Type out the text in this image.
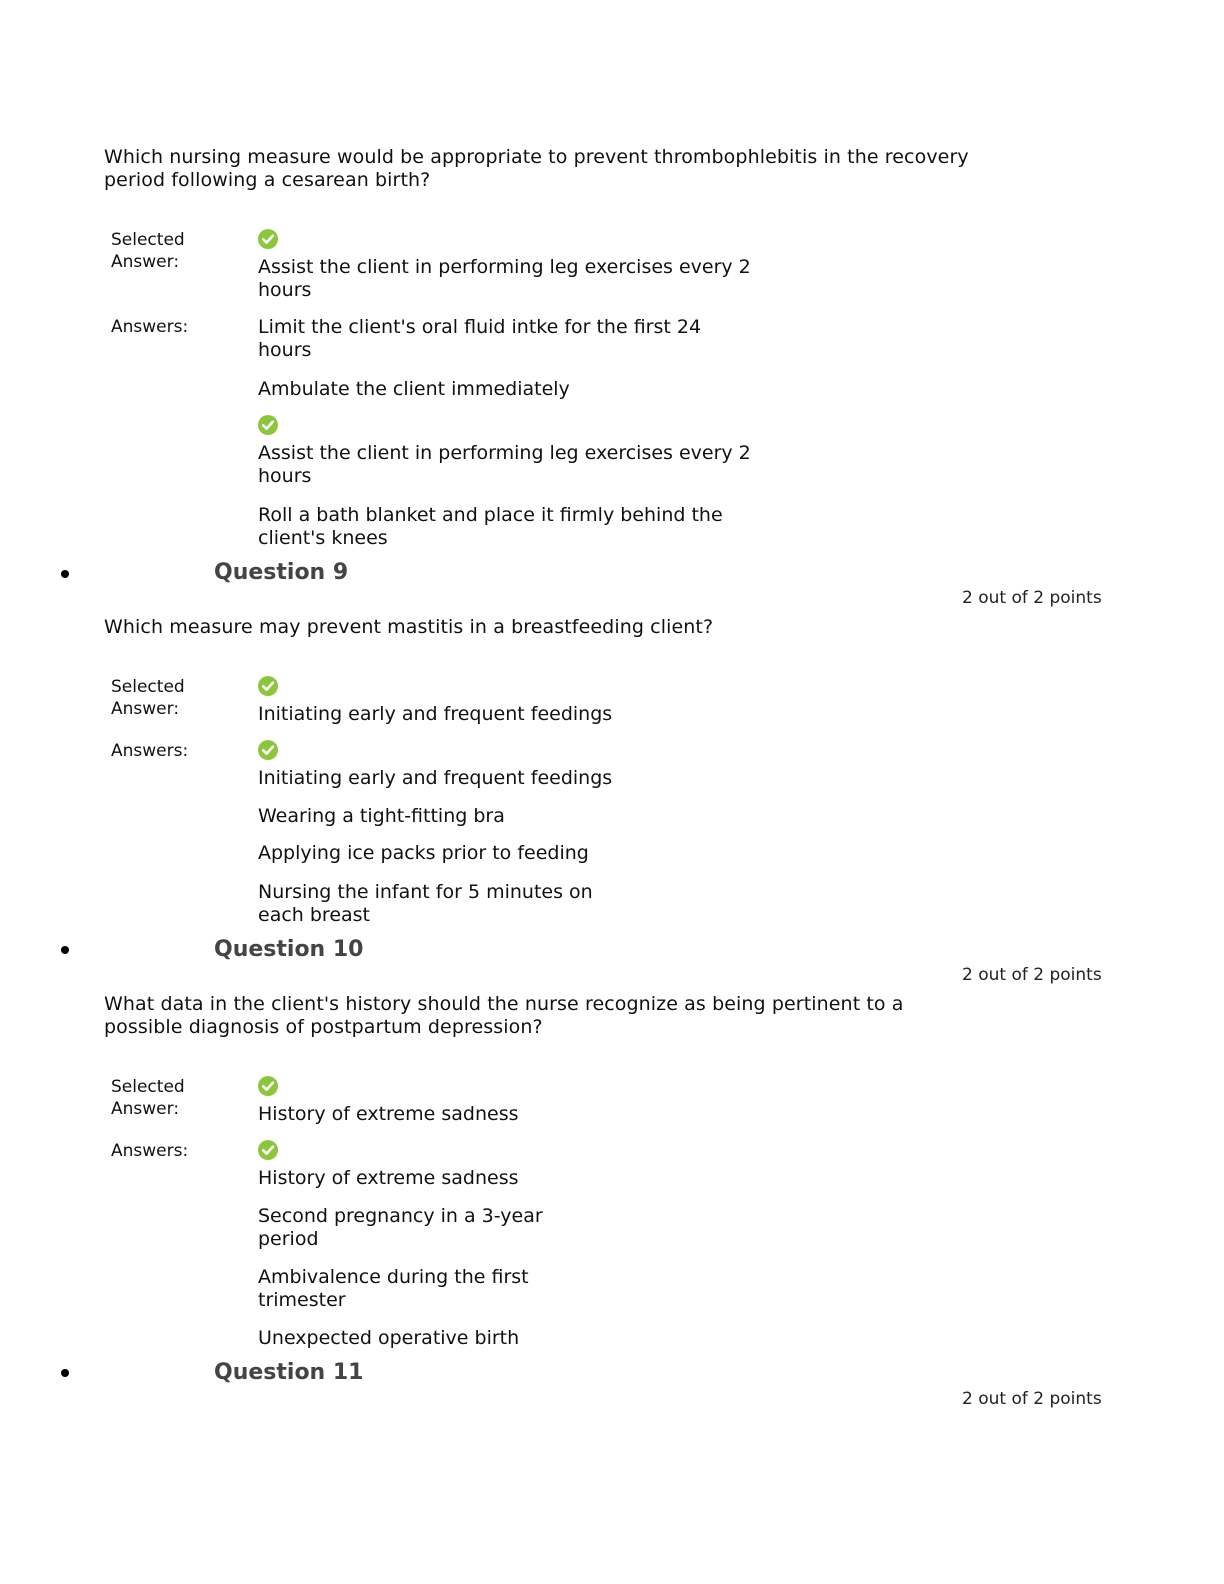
Which nursing measure would be appropriate to prevent thrombophlebitis in the recovery period following a cesarean birth?
Selected Answer:	Assist the client in performing leg exercises every 2 hours
Answers:	Limit the client's oral fluid intke for the first 24 hours
Ambulate the client immediately
Assist the client in performing leg exercises every 2 hours
Roll a bath blanket and place it firmly behind the client's knees
Question 9
2 out of 2 points
Which measure may prevent mastitis in a breastfeeding client?
Selected Answer:	Initiating early and frequent feedings
Answers:
Initiating early and frequent feedings
Wearing a tight-fitting bra
Applying ice packs prior to feeding
Nursing the infant for 5 minutes on each breast
Question 10
2 out of 2 points
What data in the client's history should the nurse recognize as being pertinent to a possible diagnosis of postpartum depression?
Selected Answer:	History of extreme sadness
Answers:
History of extreme sadness
Second pregnancy in a 3-year period
Ambivalence during the first trimester
Unexpected operative birth
Question 11
2 out of 2 points
